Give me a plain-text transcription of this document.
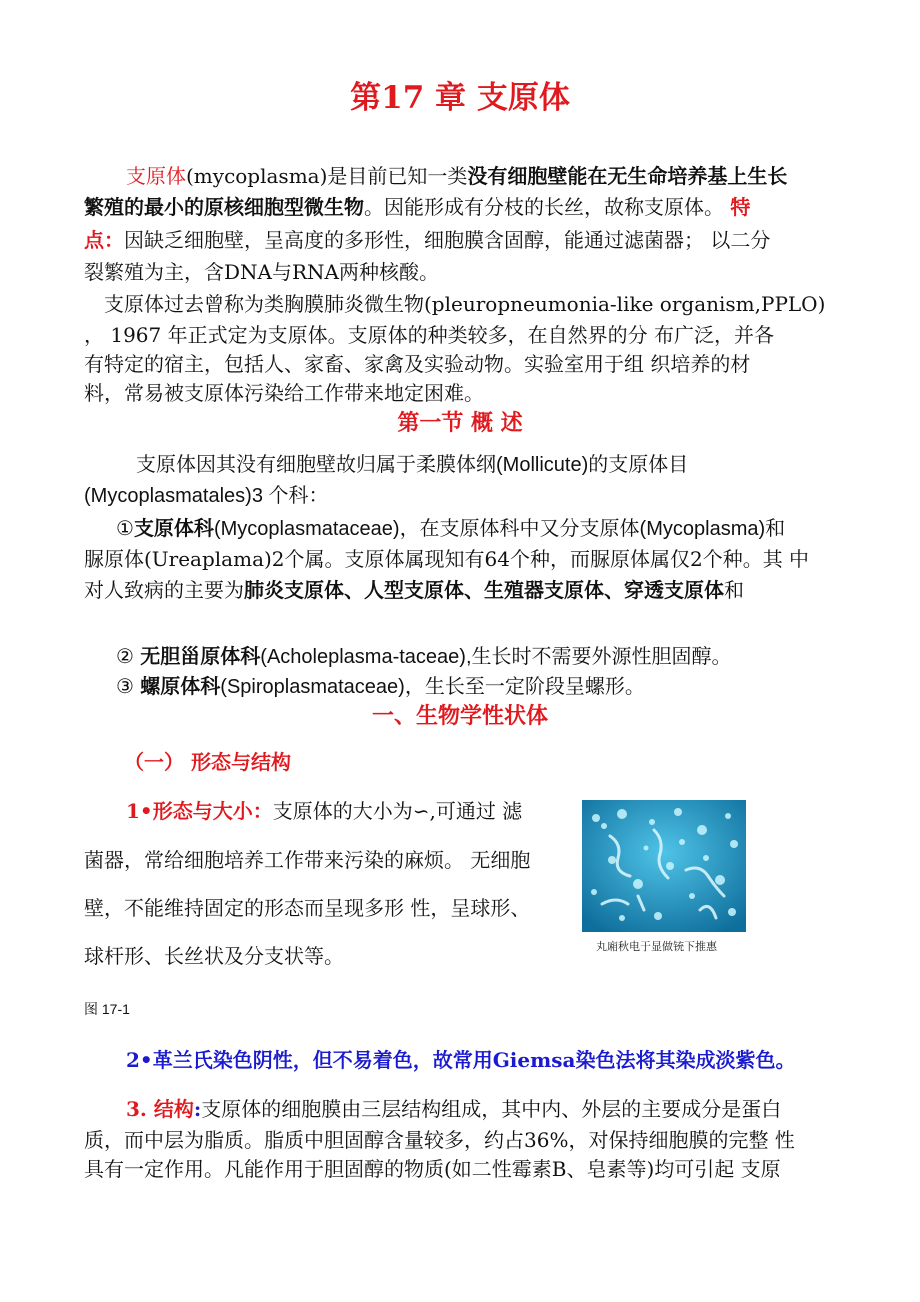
第17 章 支原体
支原体(mycoplasma)是目前已知一类没有细胞壁能在无生命培养基上生长
繁殖的最小的原核细胞型微生物。因能形成有分枝的长丝，故称支原体。 特
点：因缺乏细胞壁，呈高度的多形性，细胞膜含固醇，能通过滤菌器； 以二分
裂繁殖为主，含DNA与RNA两种核酸。
支原体过去曾称为类胸膜肺炎微生物(pleuropneumonia-like organism,PPLO)
， 1967 年正式定为支原体。支原体的种类较多，在自然界的分 布广泛，并各
有特定的宿主，包括人、家畜、家禽及实验动物。实验室用于组 织培养的材
料，常易被支原体污染给工作带来地定困难。
第一节 概 述
支原体因其没有细胞壁故归属于柔膜体纲(Mollicute)的支原体目
(Mycoplasmatales)3 个科：
①支原体科(Mycoplasmataceae)，在支原体科中又分支原体(Mycoplasma)和
脲原体(Ureaplama)2个属。支原体属现知有64个种，而脲原体属仅2个种。其 中
对人致病的主要为肺炎支原体、人型支原体、生殖器支原体、穿透支原体和
② 无胆甾原体科(Acholeplasma-taceae),生长时不需要外源性胆固醇。
③ 螺原体科(Spiroplasmataceae)，生长至一定阶段呈螺形。
一、生物学性状体
（一） 形态与结构
1•形态与大小：支原体的大小为∽,可通过 滤
菌器，常给细胞培养工作带来污染的麻烦。 无细胞
壁，不能维持固定的形态而呈现多形 性，呈球形、
球杆形、长丝状及分支状等。	丸廂秋电于显做铳下推惠
图 17-1
2•革兰氏染色阴性，但不易着色，故常用Giemsa染色法将其染成淡紫色。
3. 结构:支原体的细胞膜由三层结构组成，其中内、外层的主要成分是蛋白
质，而中层为脂质。脂质中胆固醇含量较多，约占36%，对保持细胞膜的完整 性
具有一定作用。凡能作用于胆固醇的物质(如二性霉素B、皂素等)均可引起 支原
